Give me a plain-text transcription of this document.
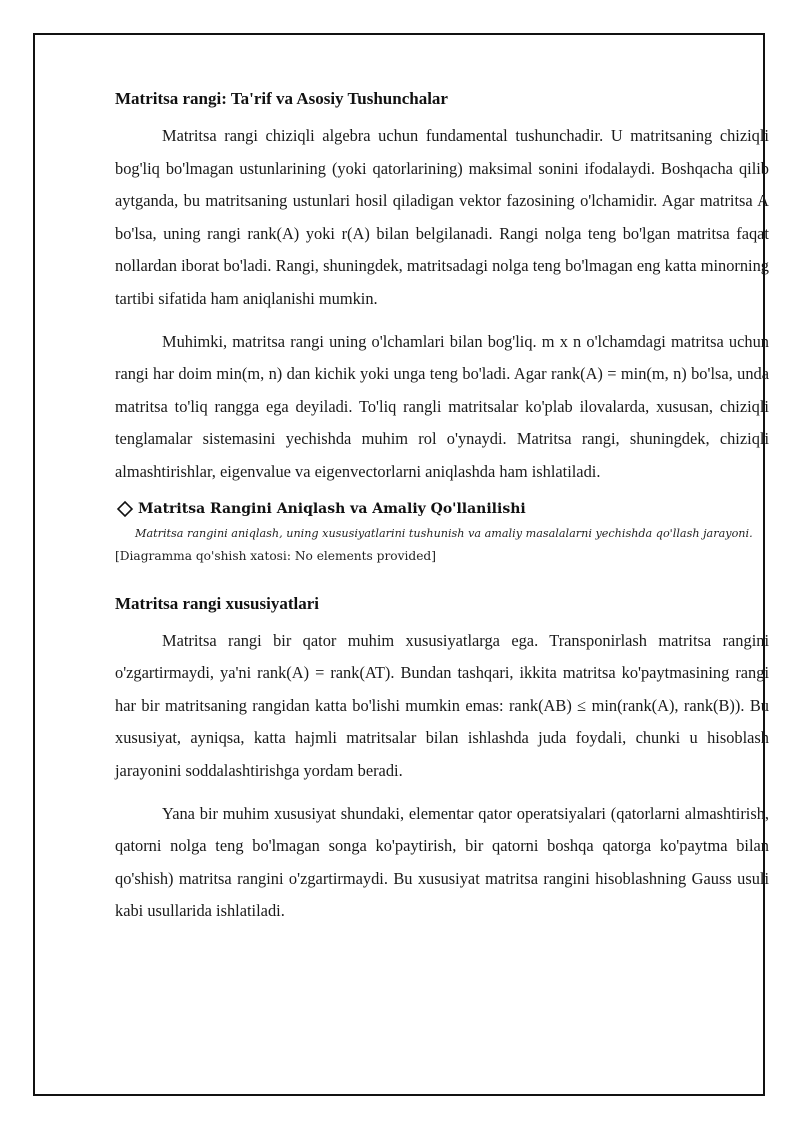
Matritsa rangi: Ta'rif va Asosiy Tushunchalar

Matritsa rangi chiziqli algebra uchun fundamental tushunchadir. U matritsaning chiziqli bog'liq bo'lmagan ustunlarining (yoki qatorlarining) maksimal sonini ifodalaydi. Boshqacha qilib aytganda, bu matritsaning ustunlari hosil qiladigan vektor fazosining o'lchamidir. Agar matritsa A bo'lsa, uning rangi rank(A) yoki r(A) bilan belgilanadi. Rangi nolga teng bo'lgan matritsa faqat nollardan iborat bo'ladi. Rangi, shuningdek, matritsadagi nolga teng bo'lmagan eng katta minorning tartibi sifatida ham aniqlanishi mumkin.

Muhimki, matritsa rangi uning o'lchamlari bilan bog'liq. m x n o'lchamdagi matritsa uchun rangi har doim min(m, n) dan kichik yoki unga teng bo'ladi. Agar rank(A) = min(m, n) bo'lsa, unda matritsa to'liq rangga ega deyiladi. To'liq rangli matritsalar ko'plab ilovalarda, xususan, chiziqli tenglamalar sistemasini yechishda muhim rol o'ynaydi. Matritsa rangi, shuningdek, chiziqli almashtirishlar, eigenvalue va eigenvectorlarni aniqlashda ham ishlatiladi.

Matritsa Rangini Aniqlash va Amaliy Qo'llanilishi
Matritsa rangini aniqlash, uning xususiyatlarini tushunish va amaliy masalalarni yechishda qo'llash jarayoni.
[Diagramma qo'shish xatosi: No elements provided]
Matritsa rangi xususiyatlari

Matritsa rangi bir qator muhim xususiyatlarga ega. Transponirlash matritsa rangini o'zgartirmaydi, ya'ni rank(A) = rank(AT). Bundan tashqari, ikkita matritsa ko'paytmasining rangi har bir matritsaning rangidan katta bo'lishi mumkin emas: rank(AB) ≤ min(rank(A), rank(B)). Bu xususiyat, ayniqsa, katta hajmli matritsalar bilan ishlashda juda foydali, chunki u hisoblash jarayonini soddalashtirishga yordam beradi.

Yana bir muhim xususiyat shundaki, elementar qator operatsiyalari (qatorlarni almashtirish, qatorni nolga teng bo'lmagan songa ko'paytirish, bir qatorni boshqa qatorga ko'paytma bilan qo'shish) matritsa rangini o'zgartirmaydi. Bu xususiyat matritsa rangini hisoblashning Gauss usuli kabi usullarida ishlatiladi.
